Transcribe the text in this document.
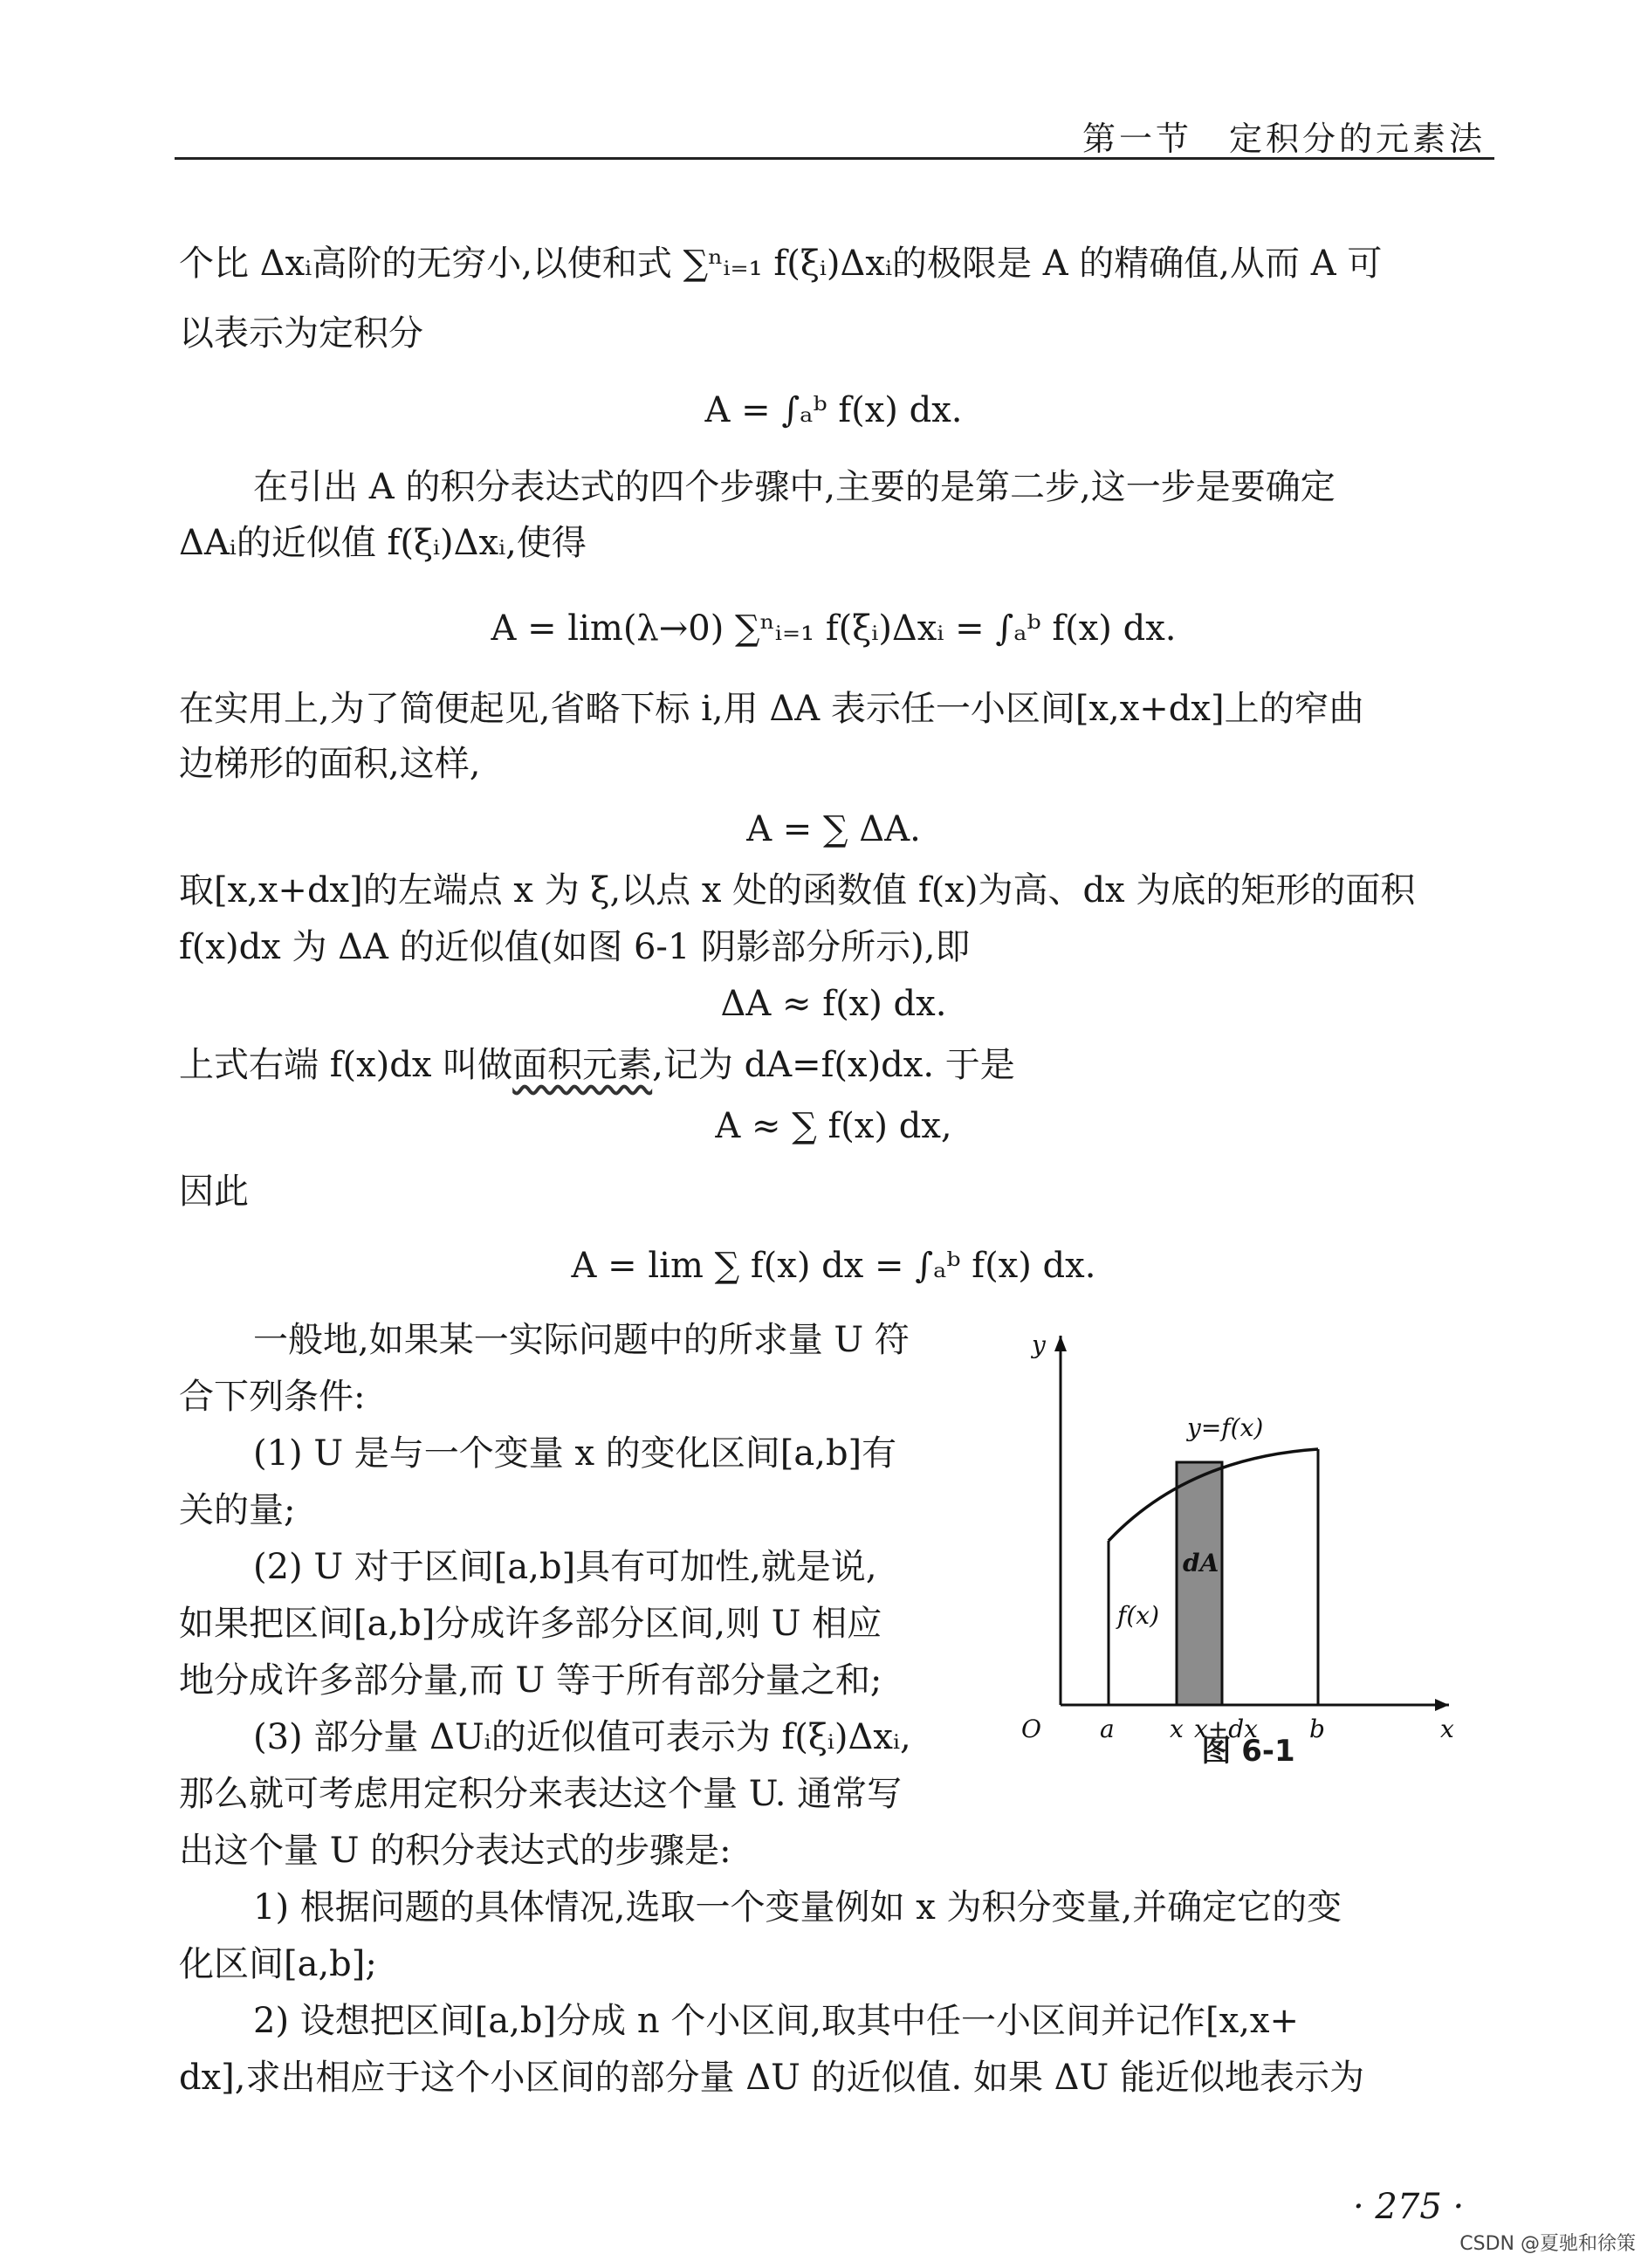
第一节　定积分的元素法
个比 Δxᵢ高阶的无穷小,以使和式 ∑ⁿᵢ₌₁ f(ξᵢ)Δxᵢ的极限是 A 的精确值,从而 A 可
以表示为定积分
A = ∫ₐᵇ f(x) dx.
在引出 A 的积分表达式的四个步骤中,主要的是第二步,这一步是要确定
ΔAᵢ的近似值 f(ξᵢ)Δxᵢ,使得
A = lim(λ→0) ∑ⁿᵢ₌₁ f(ξᵢ)Δxᵢ = ∫ₐᵇ f(x) dx.
在实用上,为了简便起见,省略下标 i,用 ΔA 表示任一小区间[x,x+dx]上的窄曲
边梯形的面积,这样,
A = ∑ ΔA.
取[x,x+dx]的左端点 x 为 ξ,以点 x 处的函数值 f(x)为高、dx 为底的矩形的面积
f(x)dx 为 ΔA 的近似值(如图 6-1 阴影部分所示),即
ΔA ≈ f(x) dx.
上式右端 f(x)dx 叫做面积元素,记为 dA=f(x)dx. 于是
A ≈ ∑ f(x) dx,
因此
A = lim ∑ f(x) dx = ∫ₐᵇ f(x) dx.
一般地,如果某一实际问题中的所求量 U 符
合下列条件:
(1) U 是与一个变量 x 的变化区间[a,b]有
关的量;
(2) U 对于区间[a,b]具有可加性,就是说,
如果把区间[a,b]分成许多部分区间,则 U 相应
地分成许多部分量,而 U 等于所有部分量之和;
(3) 部分量 ΔUᵢ的近似值可表示为 f(ξᵢ)Δxᵢ,
那么就可考虑用定积分来表达这个量 U. 通常写
出这个量 U 的积分表达式的步骤是:
1) 根据问题的具体情况,选取一个变量例如 x 为积分变量,并确定它的变
化区间[a,b];
2) 设想把区间[a,b]分成 n 个小区间,取其中任一小区间并记作[x,x+
dx],求出相应于这个小区间的部分量 ΔU 的近似值. 如果 ΔU 能近似地表示为
y
y=f(x)
dA
f(x)
O a x x+dx b	x
图 6-1
· 275 ·
CSDN @夏驰和徐策
